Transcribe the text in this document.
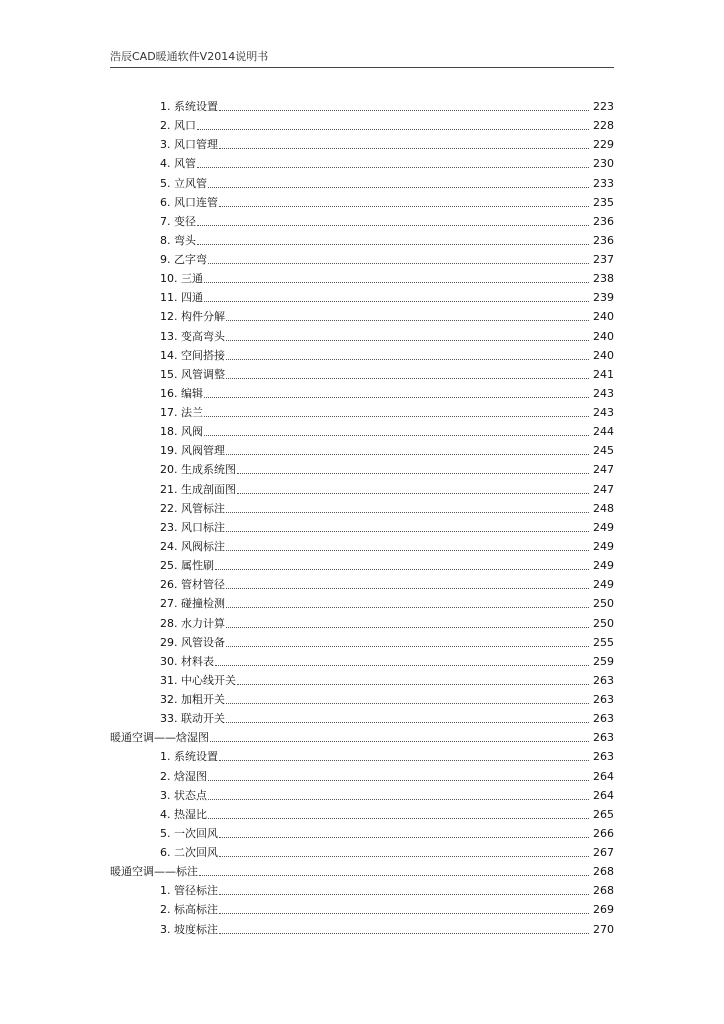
浩辰CAD暖通软件V2014说明书
1. 系统设置	223
2. 风口	228
3. 风口管理	229
4. 风管	230
5. 立风管	233
6. 风口连管	235
7. 变径	236
8. 弯头	236
9. 乙字弯	237
10. 三通	238
11. 四通	239
12. 构件分解	240
13. 变高弯头	240
14. 空间搭接	240
15. 风管调整	241
16. 编辑	243
17. 法兰	243
18. 风阀	244
19. 风阀管理	245
20. 生成系统图	247
21. 生成剖面图	247
22. 风管标注	248
23. 风口标注	249
24. 风阀标注	249
25. 属性刷	249
26. 管材管径	249
27. 碰撞检测	250
28. 水力计算	250
29. 风管设备	255
30. 材料表	259
31. 中心线开关	263
32. 加粗开关	263
33. 联动开关	263
暖通空调——焓湿图	263
1. 系统设置	263
2. 焓湿图	264
3. 状态点	264
4. 热湿比	265
5. 一次回风	266
6. 二次回风	267
暖通空调——标注	268
1. 管径标注	268
2. 标高标注	269
3. 坡度标注	270
